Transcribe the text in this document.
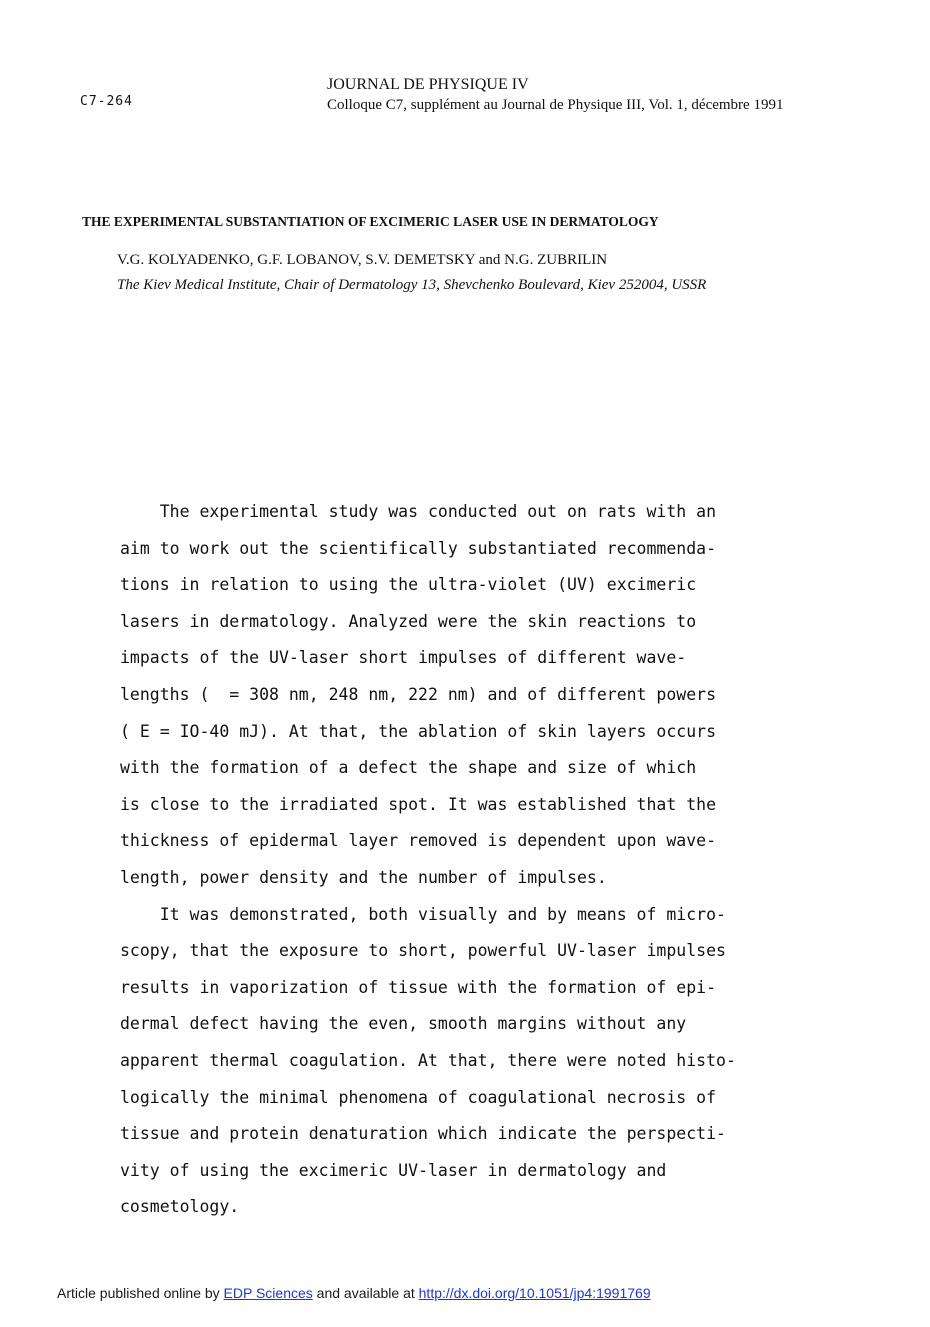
C7-264
JOURNAL DE PHYSIQUE IV
Colloque C7, supplément au Journal de Physique III, Vol. 1, décembre 1991
THE EXPERIMENTAL SUBSTANTIATION OF EXCIMERIC LASER USE IN DERMATOLOGY
V.G. KOLYADENKO, G.F. LOBANOV, S.V. DEMETSKY and N.G. ZUBRILIN
The Kiev Medical Institute, Chair of Dermatology 13, Shevchenko Boulevard, Kiev 252004, USSR
The experimental study was conducted out on rats with an
aim to work out the scientifically substantiated recommenda-
tions in relation to using the ultra-violet (UV) excimeric
lasers in dermatology. Analyzed were the skin reactions to
impacts of the UV-laser short impulses of different wave-
lengths (  = 308 nm, 248 nm, 222 nm) and of different powers
( E = IO-40 mJ). At that, the ablation of skin layers occurs
with the formation of a defect the shape and size of which
is close to the irradiated spot. It was established that the
thickness of epidermal layer removed is dependent upon wave-
length, power density and the number of impulses.
It was demonstrated, both visually and by means of micro-
scopy, that the exposure to short, powerful UV-laser impulses
results in vaporization of tissue with the formation of epi-
dermal defect having the even, smooth margins without any
apparent thermal coagulation. At that, there were noted histo-
logically the minimal phenomena of coagulational necrosis of
tissue and protein denaturation which indicate the perspecti-
vity of using the excimeric UV-laser in dermatology and
cosmetology.
Article published online by EDP Sciences and available at http://dx.doi.org/10.1051/jp4:1991769
